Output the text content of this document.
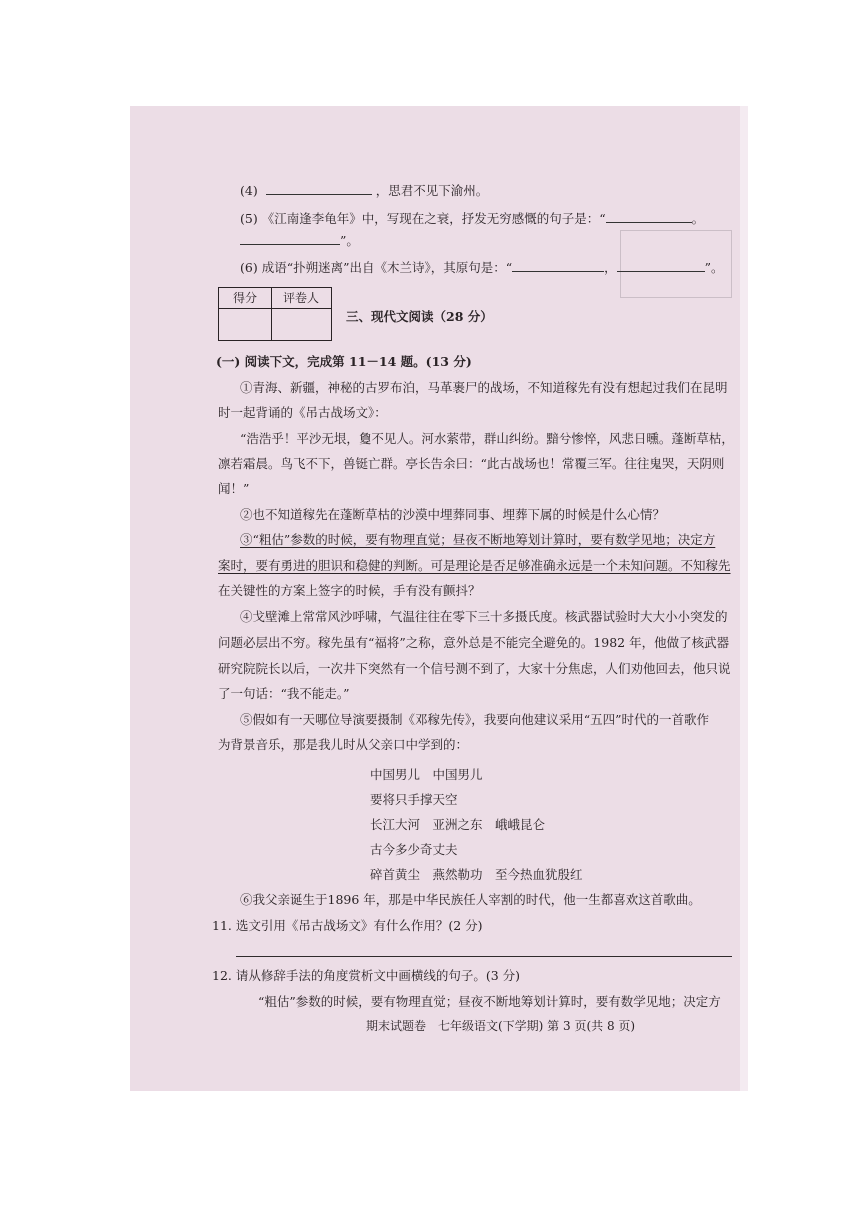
(4)	，思君不见下渝州。
(5) 《江南逢李龟年》中，写现在之衰，抒发无穷感慨的句子是：“	。
”。
(6) 成语“扑朔迷离”出自《木兰诗》，其原句是：“	，	”。
得分	评卷人
三、现代文阅读（28 分）
(一) 阅读下文，完成第 11－14 题。(13 分)
①青海、新疆，神秘的古罗布泊，马革裹尸的战场，不知道稼先有没有想起过我们在昆明
时一起背诵的《吊古战场文》：
“浩浩乎！平沙无垠，敻不见人。河水萦带，群山纠纷。黯兮惨悴，风悲日曛。蓬断草枯，
凛若霜晨。鸟飞不下，兽铤亡群。亭长告余曰：“此古战场也！常覆三军。往往鬼哭，天阴则
闻！”
②也不知道稼先在蓬断草枯的沙漠中埋葬同事、埋葬下属的时候是什么心情？
③“粗估”参数的时候，要有物理直觉；昼夜不断地筹划计算时，要有数学见地；决定方
案时，要有勇进的胆识和稳健的判断。可是理论是否足够准确永远是一个未知问题。不知稼先
在关键性的方案上签字的时候，手有没有颤抖？
④戈壁滩上常常风沙呼啸，气温往往在零下三十多摄氏度。核武器试验时大大小小突发的
问题必层出不穷。稼先虽有“福将”之称，意外总是不能完全避免的。1982 年，他做了核武器
研究院院长以后，一次井下突然有一个信号测不到了，大家十分焦虑，人们劝他回去，他只说
了一句话：“我不能走。”
⑤假如有一天哪位导演要摄制《邓稼先传》，我要向他建议采用“五四”时代的一首歌作
为背景音乐，那是我儿时从父亲口中学到的：
中国男儿　中国男儿
要将只手撑天空
长江大河　亚洲之东　峨峨昆仑
古今多少奇丈夫
碎首黄尘　燕然勒功　至今热血犹殷红
⑥我父亲诞生于1896 年，那是中华民族任人宰割的时代，他一生都喜欢这首歌曲。
11. 选文引用《吊古战场文》有什么作用？(2 分)
12. 请从修辞手法的角度赏析文中画横线的句子。(3 分)
“粗估”参数的时候，要有物理直觉；昼夜不断地筹划计算时，要有数学见地；决定方
期末试题卷　七年级语文(下学期) 第 3 页(共 8 页)
